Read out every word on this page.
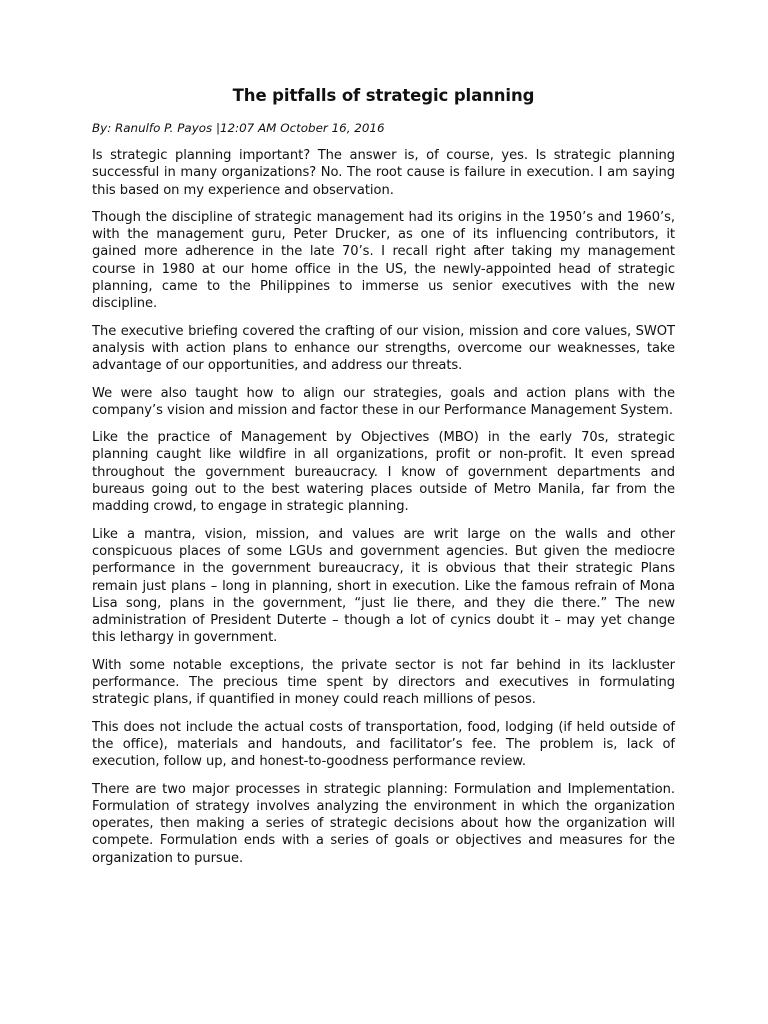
The pitfalls of strategic planning

By: Ranulfo P. Payos |12:07 AM October 16, 2016

Is strategic planning important? The answer is, of course, yes. Is strategic planning successful in many organizations? No. The root cause is failure in execution. I am saying this based on my experience and observation.

Though the discipline of strategic management had its origins in the 1950’s and 1960’s, with the management guru, Peter Drucker, as one of its influencing contributors, it gained more adherence in the late 70’s. I recall right after taking my management course in 1980 at our home office in the US, the newly-appointed head of strategic planning, came to the Philippines to immerse us senior executives with the new discipline.

The executive briefing covered the crafting of our vision, mission and core values, SWOT analysis with action plans to enhance our strengths, overcome our weaknesses, take advantage of our opportunities, and address our threats.

We were also taught how to align our strategies, goals and action plans with the company’s vision and mission and factor these in our Performance Management System.

Like the practice of Management by Objectives (MBO) in the early 70s, strategic planning caught like wildfire in all organizations, profit or non-profit. It even spread throughout the government bureaucracy. I know of government departments and bureaus going out to the best watering places outside of Metro Manila, far from the madding crowd, to engage in strategic planning.

Like a mantra, vision, mission, and values are writ large on the walls and other conspicuous places of some LGUs and government agencies. But given the mediocre performance in the government bureaucracy, it is obvious that their strategic Plans remain just plans – long in planning, short in execution. Like the famous refrain of Mona Lisa song, plans in the government, “just lie there, and they die there.” The new administration of President Duterte – though a lot of cynics doubt it – may yet change this lethargy in government.

With some notable exceptions, the private sector is not far behind in its lackluster performance. The precious time spent by directors and executives in formulating strategic plans, if quantified in money could reach millions of pesos.

This does not include the actual costs of transportation, food, lodging (if held outside of the office), materials and handouts, and facilitator’s fee. The problem is, lack of execution, follow up, and honest-to-goodness performance review.

There are two major processes in strategic planning: Formulation and Implementation. Formulation of strategy involves analyzing the environment in which the organization operates, then making a series of strategic decisions about how the organization will compete. Formulation ends with a series of goals or objectives and measures for the organization to pursue.
